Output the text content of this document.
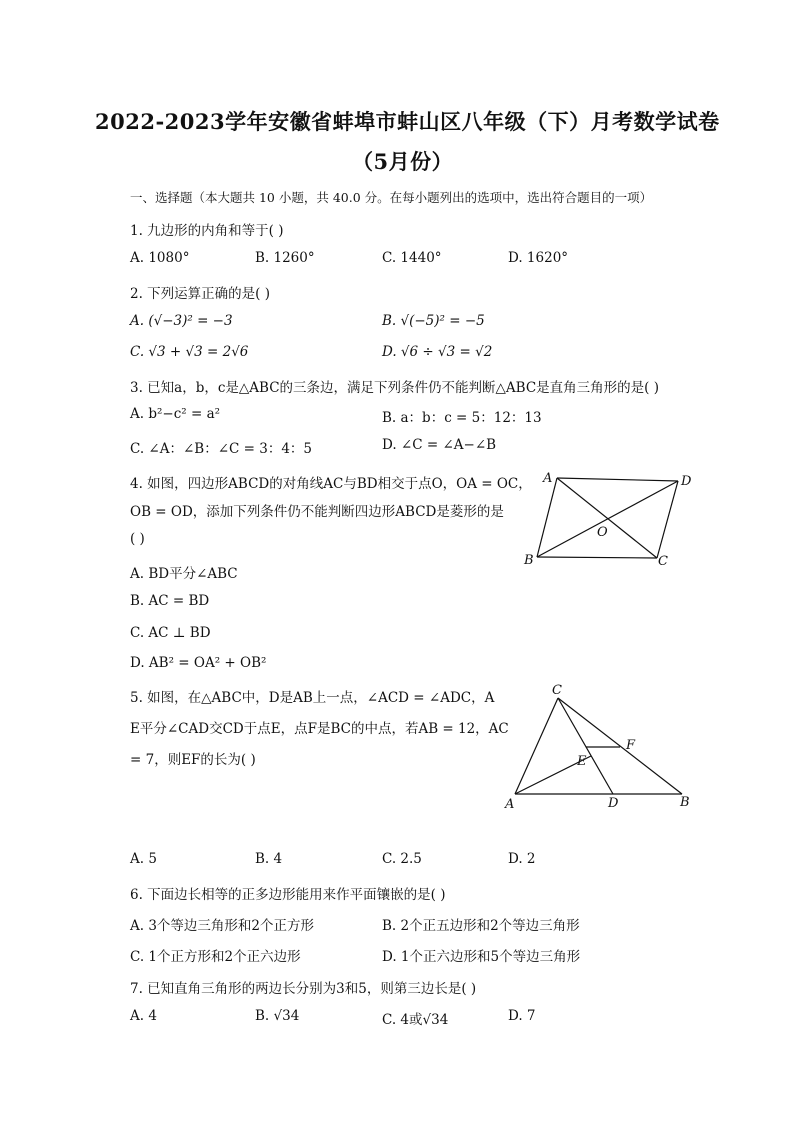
2022-2023学年安徽省蚌埠市蚌山区八年级（下）月考数学试卷
（5月份）
一、选择题（本大题共 10 小题，共 40.0 分。在每小题列出的选项中，选出符合题目的一项）
1. 九边形的内角和等于( )
A. 1080°	B. 1260°	C. 1440°	D. 1620°
2. 下列运算正确的是( )
A. (√−3)² = −3	B. √(−5)² = −5
C. √3 + √3 = 2√6	D. √6 ÷ √3 = √2
3. 已知a，b，c是△ABC的三条边，满足下列条件仍不能判断△ABC是直角三角形的是( )
A. b²−c² = a²	B. a：b：c = 5：12：13
C. ∠A：∠B：∠C = 3：4：5	D. ∠C = ∠A−∠B
4. 如图，四边形ABCD的对角线AC与BD相交于点O，OA = OC，
OB = OD，添加下列条件仍不能判断四边形ABCD是菱形的是
( )
A. BD平分∠ABC
B. AC = BD
C. AC ⊥ BD
D. AB² = OA² + OB²
A	D
B	C
O
5. 如图，在△ABC中，D是AB上一点，∠ACD = ∠ADC，A
E平分∠CAD交CD于点E，点F是BC的中点，若AB = 12，AC
= 7，则EF的长为( )
C
A	D	B
E
F
A. 5	B. 4	C. 2.5	D. 2
6. 下面边长相等的正多边形能用来作平面镶嵌的是( )
A. 3个等边三角形和2个正方形	B. 2个正五边形和2个等边三角形
C. 1个正方形和2个正六边形	D. 1个正六边形和5个等边三角形
7. 已知直角三角形的两边长分别为3和5，则第三边长是( )
A. 4	B. √34	C. 4或√34	D. 7
